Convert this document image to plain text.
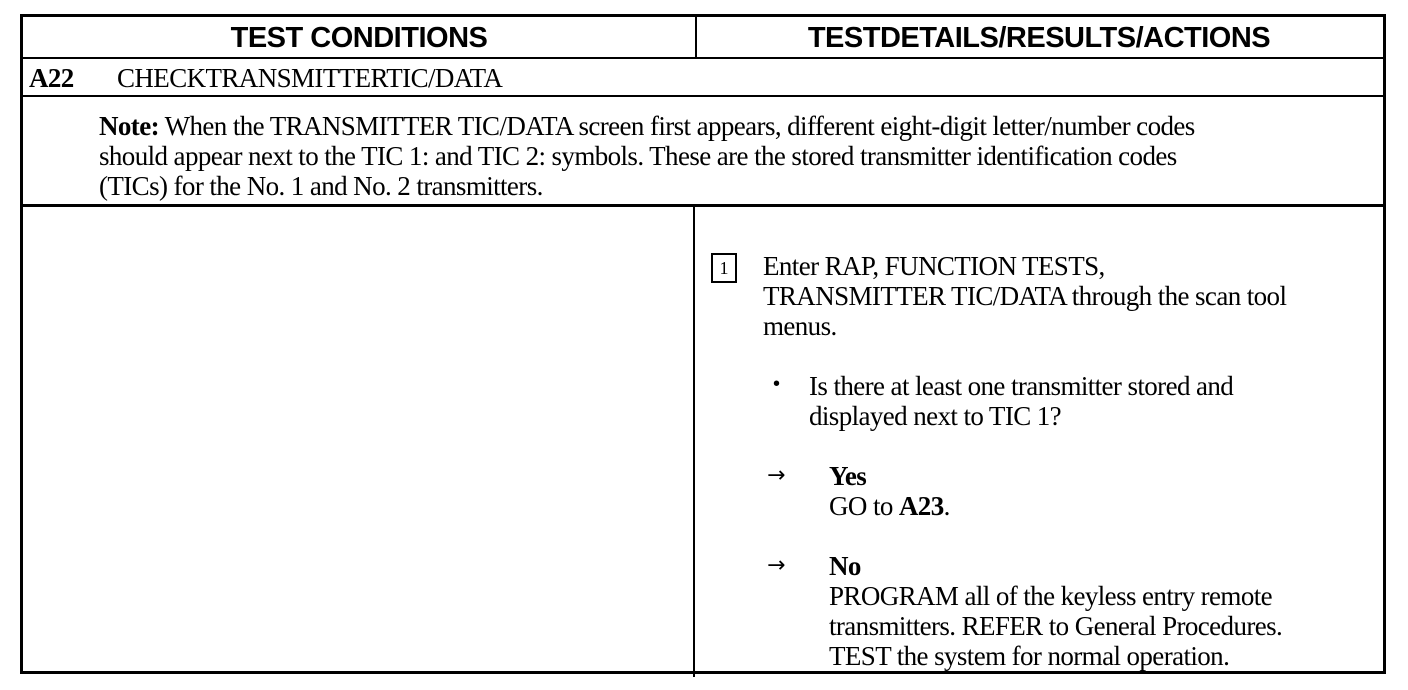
TEST CONDITIONS	TESTDETAILS/RESULTS/ACTIONS
A22 CHECKTRANSMITTERTIC/DATA
Note: When the TRANSMITTER TIC/DATA screen first appears, different eight-digit letter/number codes
should appear next to the TIC 1: and TIC 2: symbols. These are the stored transmitter identification codes
(TICs) for the No. 1 and No. 2 transmitters.
1	Enter RAP, FUNCTION TESTS,
TRANSMITTER TIC/DATA through the scan tool
menus.
• Is there at least one transmitter stored and
displayed next to TIC 1?
→ Yes
GO to A23.
→ No
PROGRAM all of the keyless entry remote
transmitters. REFER to General Procedures.
TEST the system for normal operation.
